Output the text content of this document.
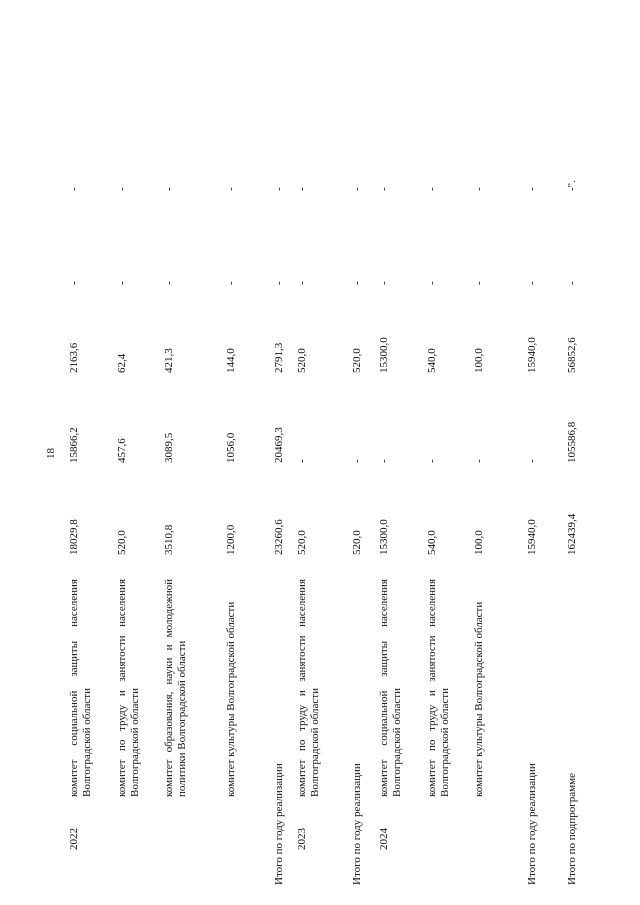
18
2022
комитет социальной защиты населения Волгоградской области
18029,8
15866,2
2163,6
-
-
комитет по труду и занятости населения Волгоградской области
520,0
457,6
62,4
-
-
комитет образования, науки и молодежной политики Волгоградской области
3510,8
3089,5
421,3
-
-
комитет культуры Волгоградской области
1200,0
1056,0
144,0
-
-
Итого по году реализации
23260,6
20469,3
2791,3
-
-
2023
комитет по труду и занятости населения Волгоградской области
520,0
-
520,0
-
-
Итого по году реализации
520,0
-
520,0
-
-
2024
комитет социальной защиты населения Волгоградской области
15300,0
-
15300,0
-
-
комитет по труду и занятости населения Волгоградской области
540,0
-
540,0
-
-
комитет культуры Волгоградской области
100,0
-
100,0
-
-
Итого по году реализации
15940,0
-
15940,0
-
-
Итого по подпрограмме
162439,4
105586,8
56852,6
-
-".
